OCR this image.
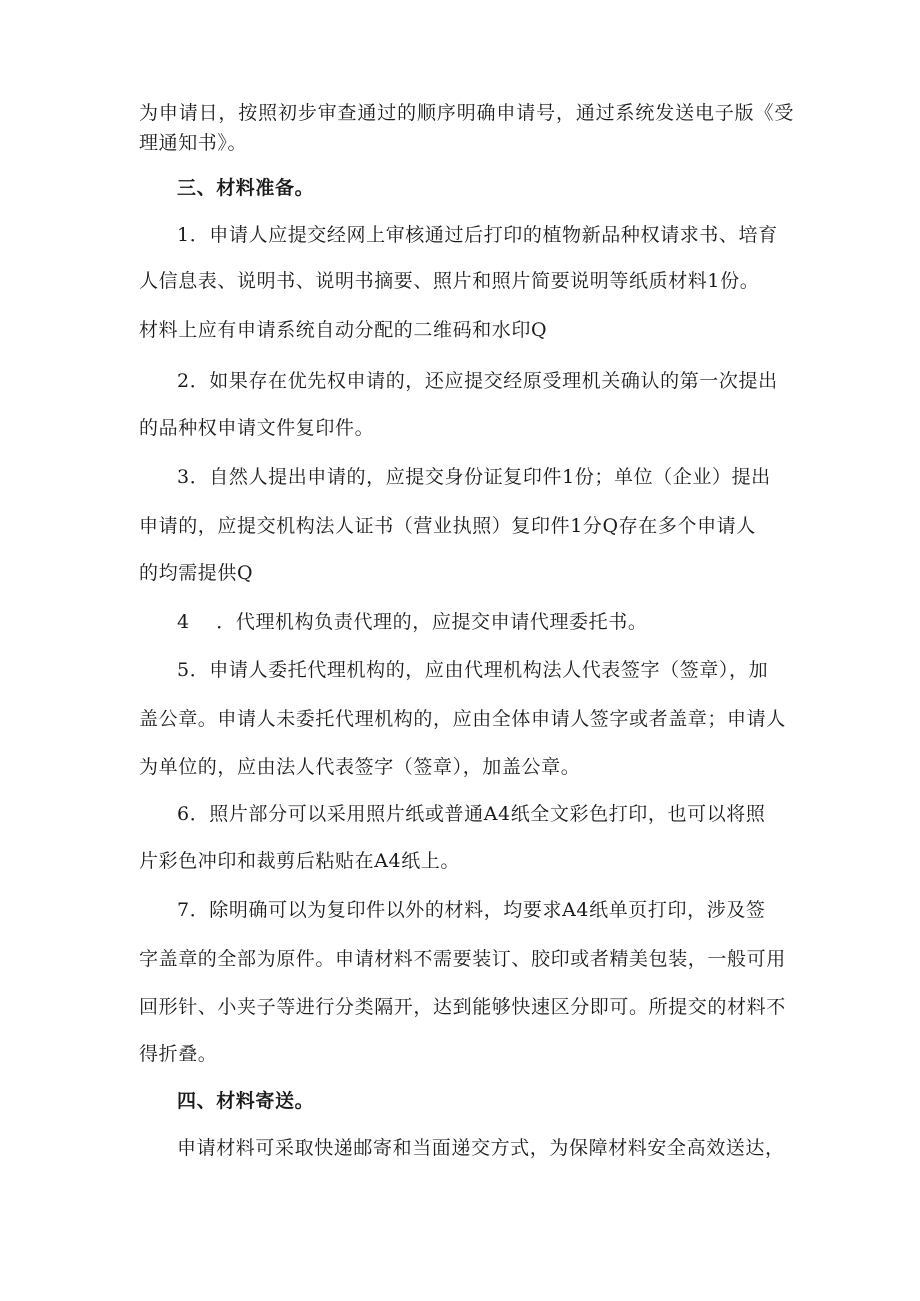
为申请日，按照初步审查通过的顺序明确申请号，通过系统发送电子版《受
理通知书》。
三、材料准备。
1．申请人应提交经网上审核通过后打印的植物新品种权请求书、培育
人信息表、说明书、说明书摘要、照片和照片简要说明等纸质材料1份。
材料上应有申请系统自动分配的二维码和水印Q
2．如果存在优先权申请的，还应提交经原受理机关确认的第一次提出
的品种权申请文件复印件。
3．自然人提出申请的，应提交身份证复印件1份；单位（企业）提出
申请的，应提交机构法人证书（营业执照）复印件1分Q存在多个申请人
的均需提供Q
4    ．代理机构负责代理的，应提交申请代理委托书。
5．申请人委托代理机构的，应由代理机构法人代表签字（签章），加
盖公章。申请人未委托代理机构的，应由全体申请人签字或者盖章；申请人
为单位的，应由法人代表签字（签章），加盖公章。
6．照片部分可以采用照片纸或普通A4纸全文彩色打印，也可以将照
片彩色冲印和裁剪后粘贴在A4纸上。
7．除明确可以为复印件以外的材料，均要求A4纸单页打印，涉及签
字盖章的全部为原件。申请材料不需要装订、胶印或者精美包装，一般可用
回形针、小夹子等进行分类隔开，达到能够快速区分即可。所提交的材料不
得折叠。
四、材料寄送。
申请材料可采取快递邮寄和当面递交方式，为保障材料安全高效送达，
